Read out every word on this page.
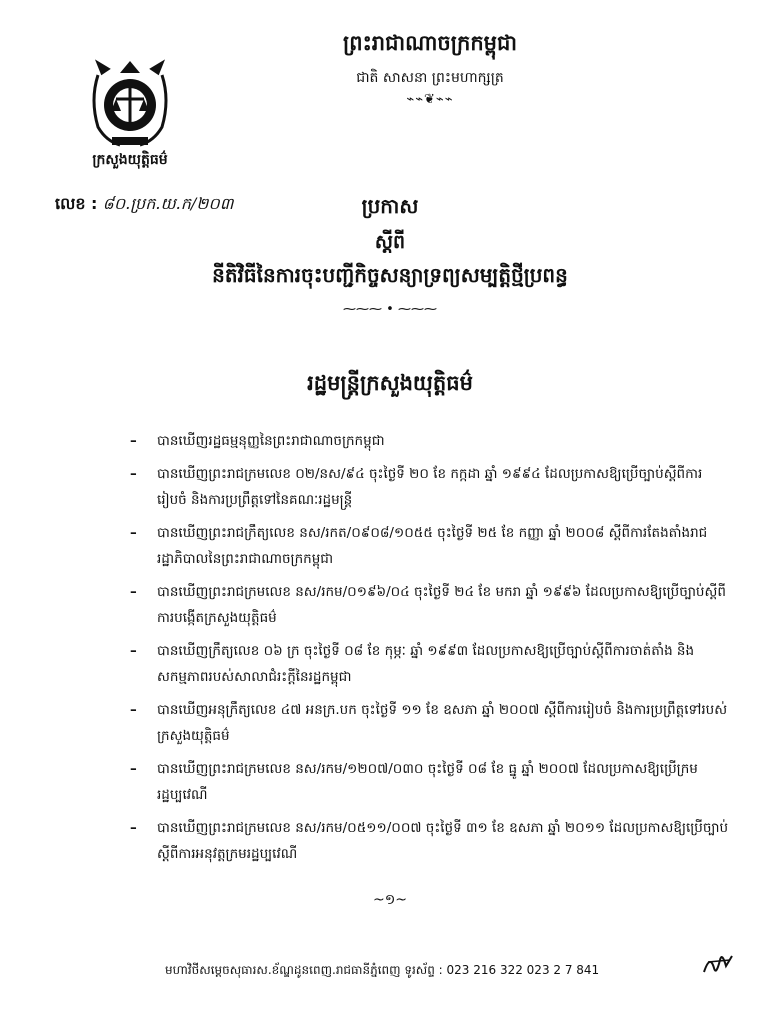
ព្រះរាជាណាចក្រកម្ពុជា
ជាតិ សាសនា ព្រះមហាក្សត្រ
⌁⌁❦⌁⌁
ក្រសួងយុត្តិធម៌
លេខ : ៨០.ប្រក.យ.ក/២០៣	ប្រកាស
ស្ដីពី
នីតិវិធីនៃការចុះបញ្ជីកិច្ចសន្យាទ្រព្យសម្បត្តិថ្មីប្រពន្ធ
⁓⁓⁓ • ⁓⁓⁓
រដ្ឋមន្ត្រីក្រសួងយុត្តិធម៌
–	បានឃើញរដ្ឋធម្មនុញ្ញនៃព្រះរាជាណាចក្រកម្ពុជា
–	បានឃើញព្រះរាជក្រមលេខ ០២/នស/៩៤ ចុះថ្ងៃទី ២០ ខែ កក្កដា ឆ្នាំ ១៩៩៤ ដែលប្រកាសឱ្យប្រើច្បាប់ស្ដីពីការរៀបចំ និងការប្រព្រឹត្តទៅនៃគណៈរដ្ឋមន្ត្រី
–	បានឃើញព្រះរាជក្រឹត្យលេខ នស/រកត/០៩០៨/១០៥៥ ចុះថ្ងៃទី ២៥ ខែ កញ្ញា ឆ្នាំ ២០០៨ ស្ដីពីការតែងតាំងរាជរដ្ឋាភិបាលនៃព្រះរាជាណាចក្រកម្ពុជា
–	បានឃើញព្រះរាជក្រមលេខ នស/រកម/០១៩៦/០៤ ចុះថ្ងៃទី ២៤ ខែ មករា ឆ្នាំ ១៩៩៦ ដែលប្រកាសឱ្យប្រើច្បាប់ស្ដីពីការបង្កើតក្រសួងយុត្តិធម៌
–	បានឃើញក្រឹត្យលេខ ០៦ ក្រ ចុះថ្ងៃទី ០៨ ខែ កុម្ភៈ ឆ្នាំ ១៩៩៣ ដែលប្រកាសឱ្យប្រើច្បាប់ស្ដីពីការចាត់តាំង និងសកម្មភាពរបស់សាលាជំរះក្ដីនៃរដ្ឋកម្ពុជា
–	បានឃើញអនុក្រឹត្យលេខ ៤៧ អនក្រ.បក ចុះថ្ងៃទី ១១ ខែ ឧសភា ឆ្នាំ ២០០៧ ស្ដីពីការរៀបចំ និងការប្រព្រឹត្តទៅរបស់ក្រសួងយុត្តិធម៌
–	បានឃើញព្រះរាជក្រមលេខ នស/រកម/១២០៧/០៣០ ចុះថ្ងៃទី ០៨ ខែ ធ្នូ ឆ្នាំ ២០០៧ ដែលប្រកាសឱ្យប្រើក្រមរដ្ឋប្បវេណី
–	បានឃើញព្រះរាជក្រមលេខ នស/រកម/០៥១១/០០៧ ចុះថ្ងៃទី ៣១ ខែ ឧសភា ឆ្នាំ ២០១១ ដែលប្រកាសឱ្យប្រើច្បាប់ស្ដីពីការអនុវត្តក្រមរដ្ឋប្បវេណី
~១~
មហាវិថីសម្ដេចសុធារស.ខ័ណ្ឌដូនពេញ.រាជធានីភ្នំពេញ ទូរស័ព្ទ : 023 216 322 023 2 7 841
